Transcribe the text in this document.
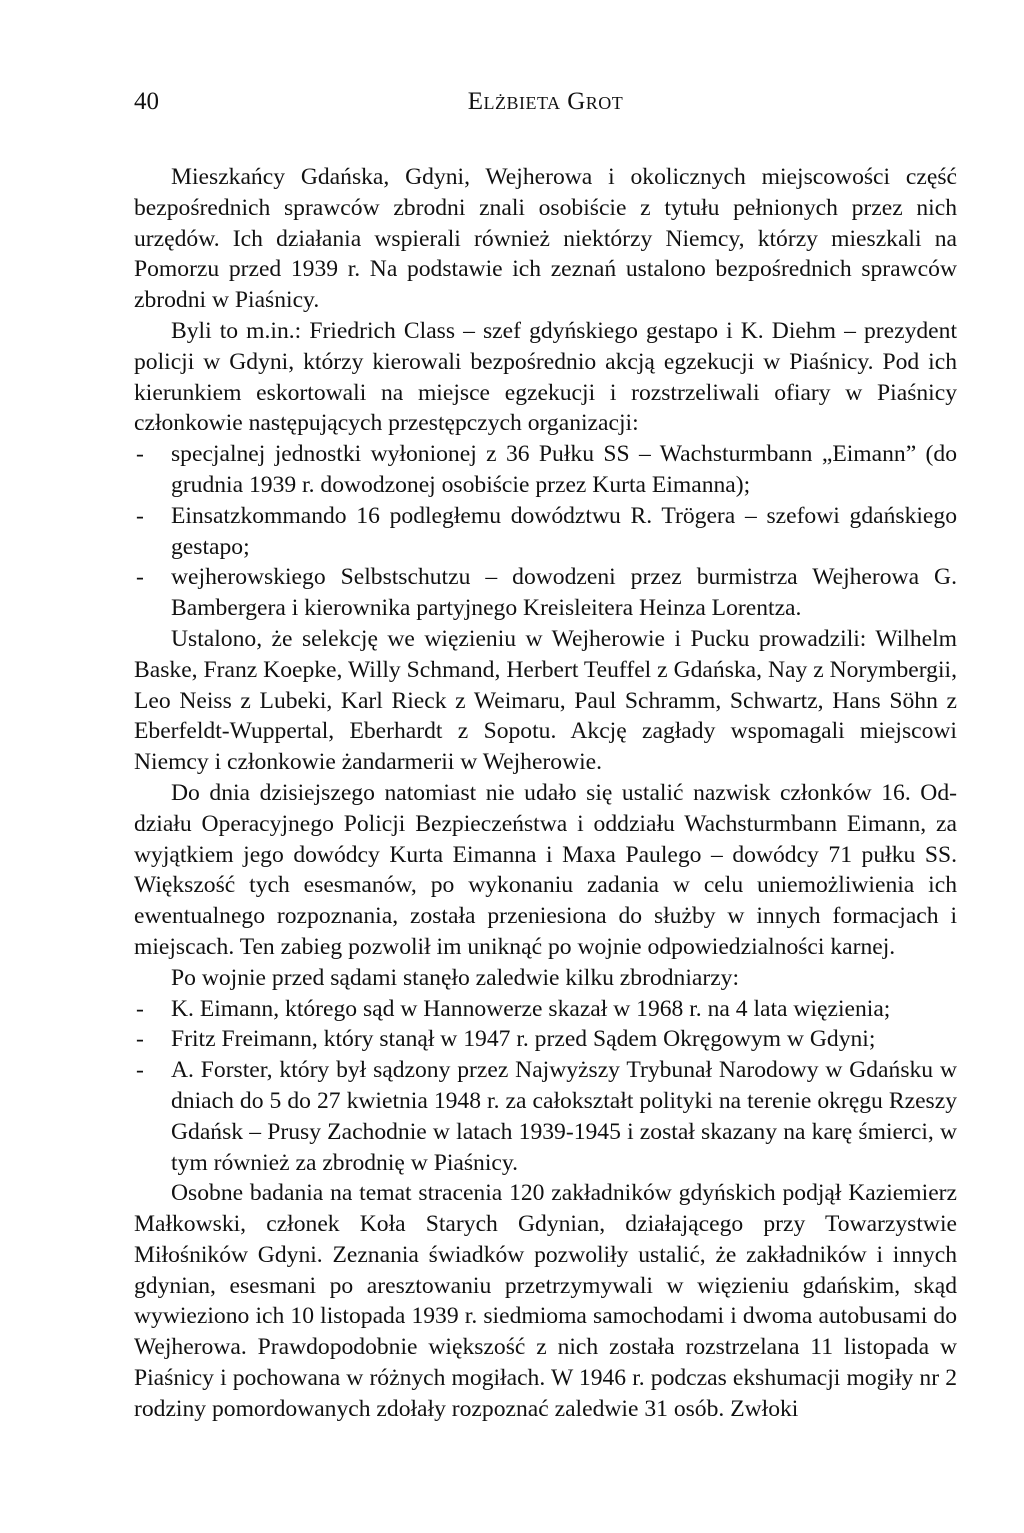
40	Elżbieta Grot

Mieszkańcy Gdańska, Gdyni, Wejherowa i okolicznych miejscowości część bezpośrednich sprawców zbrodni znali osobiście z tytułu pełnionych przez nich urzędów. Ich działania wspierali również niektórzy Niemcy, którzy mieszkali na Pomorzu przed 1939 r. Na podstawie ich zeznań ustalono bezpośrednich sprawców zbrodni w Piaśnicy.

Byli to m.in.: Friedrich Class – szef gdyńskiego gestapo i K. Diehm – prezydent policji w Gdyni, którzy kierowali bezpośrednio akcją egzekucji w Piaśnicy. Pod ich kierunkiem eskortowali na miejsce egzekucji i rozstrzeliwali ofiary w Piaśnicy członkowie następujących przestępczych organizacji:

- specjalnej jednostki wyłonionej z 36 Pułku SS – Wachsturmbann „Eimann” (do grudnia 1939 r. dowodzonej osobiście przez Kurta Eimanna);
- Einsatzkommando 16 podległemu dowództwu R. Trögera – szefowi gdańskiego gestapo;
- wejherowskiego Selbstschutzu – dowodzeni przez burmistrza Wejherowa G. Bambergera i kierownika partyjnego Kreisleitera Heinza Lorentza.

Ustalono, że selekcję we więzieniu w Wejherowie i Pucku prowadzili: Wilhelm Baske, Franz Koepke, Willy Schmand, Herbert Teuffel z Gdańska, Nay z Norymbergii, Leo Neiss z Lubeki, Karl Rieck z Weimaru, Paul Schramm, Schwartz, Hans Söhn z Eberfeldt-Wuppertal, Eberhardt z Sopotu. Akcję zagłady wspomagali miejscowi Niemcy i członkowie żandarmerii w Wejherowie.

Do dnia dzisiejszego natomiast nie udało się ustalić nazwisk członków 16. Oddziału Operacyjnego Policji Bezpieczeństwa i oddziału Wachsturmbann Eimann, za wyjątkiem jego dowódcy Kurta Eimanna i Maxa Paulego – dowódcy 71 pułku SS. Większość tych esesmanów, po wykonaniu zadania w celu uniemożliwienia ich ewentualnego rozpoznania, została przeniesiona do służby w innych formacjach i miejscach. Ten zabieg pozwolił im uniknąć po wojnie odpowiedzialności karnej.

Po wojnie przed sądami stanęło zaledwie kilku zbrodniarzy:

- K. Eimann, którego sąd w Hannowerze skazał w 1968 r. na 4 lata więzienia;
- Fritz Freimann, który stanął w 1947 r. przed Sądem Okręgowym w Gdyni;
- A. Forster, który był sądzony przez Najwyższy Trybunał Narodowy w Gdańsku w dniach do 5 do 27 kwietnia 1948 r. za całokształt polityki na terenie okręgu Rzeszy Gdańsk – Prusy Zachodnie w latach 1939-1945 i został skazany na karę śmierci, w tym również za zbrodnię w Piaśnicy.

Osobne badania na temat stracenia 120 zakładników gdyńskich podjął Kaziemierz Małkowski, członek Koła Starych Gdynian, działającego przy Towarzystwie Miłośników Gdyni. Zeznania świadków pozwoliły ustalić, że zakładników i innych gdynian, esesmani po aresztowaniu przetrzymywali w więzieniu gdańskim, skąd wywieziono ich 10 listopada 1939 r. siedmioma samochodami i dwoma autobusami do Wejherowa. Prawdopodobnie większość z nich została rozstrzelana 11 listopada w Piaśnicy i pochowana w różnych mogiłach. W 1946 r. podczas ekshumacji mogiły nr 2 rodziny pomordowanych zdołały rozpoznać zaledwie 31 osób. Zwłoki
